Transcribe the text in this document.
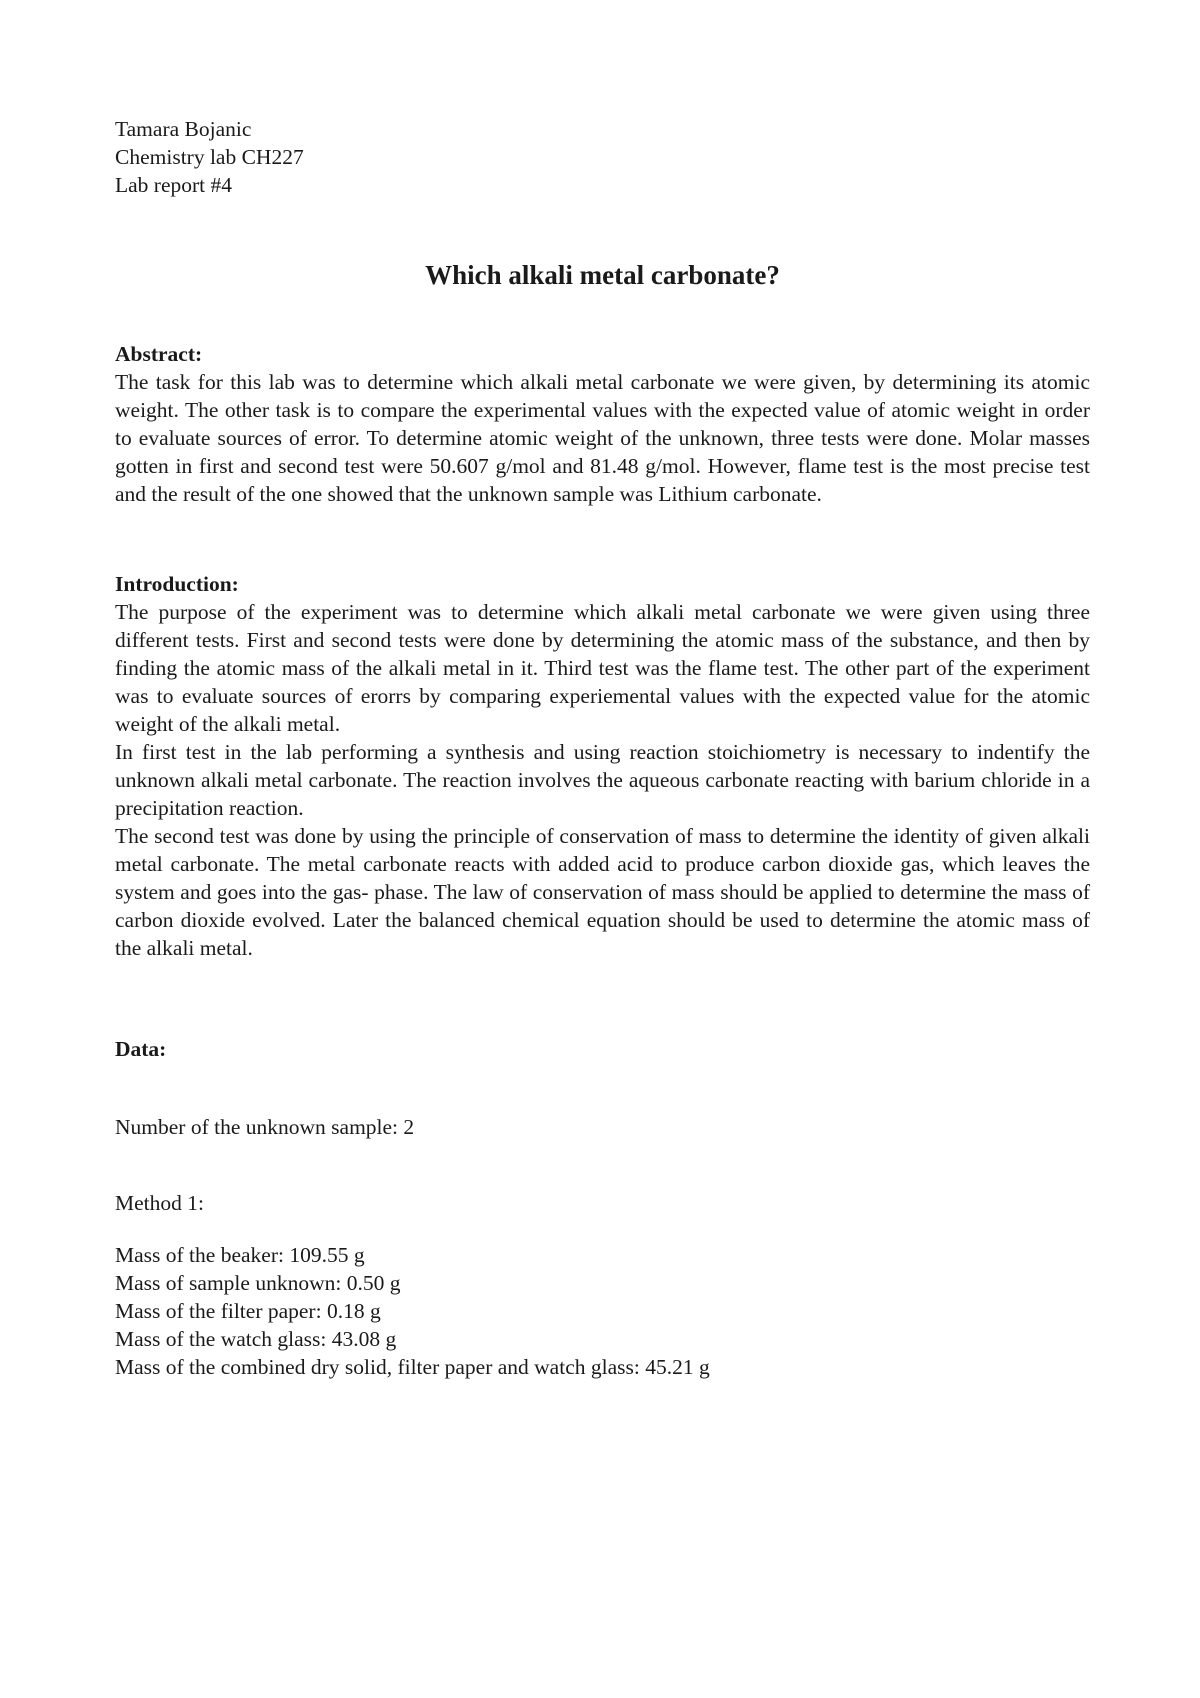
Tamara Bojanic

Chemistry lab CH227

Lab report #4

Which alkali metal carbonate?

Abstract:

The task for this lab was to determine which alkali metal carbonate we were given, by determining its atomic weight. The other task is to compare the experimental values with the expected value of atomic weight in order to evaluate sources of error. To determine atomic weight of the unknown, three tests were done. Molar masses gotten in first and second test were 50.607 g/mol and 81.48 g/mol. However, flame test is the most precise test and the result of the one showed that the unknown sample was Lithium carbonate.

Introduction:

The purpose of the experiment was to determine which alkali metal carbonate we were given using three different tests. First and second tests were done by determining the atomic mass of the substance, and then by finding the atomic mass of the alkali metal in it. Third test was the flame test. The other part of the experiment was to evaluate sources of erorrs by comparing experiemental values with the expected value for the atomic weight of the alkali metal.

In first test in the lab performing a synthesis and using reaction stoichiometry is necessary to indentify the unknown alkali metal carbonate. The reaction involves the aqueous carbonate reacting with barium chloride in a precipitation reaction.

The second test was done by using the principle of conservation of mass to determine the identity of given alkali metal carbonate. The metal carbonate reacts with added acid to produce carbon dioxide gas, which leaves the system and goes into the gas- phase. The law of conservation of mass should be applied to determine the mass of carbon dioxide evolved. Later the balanced chemical equation should be used to determine the atomic mass of the alkali metal.

Data:

Number of the unknown sample: 2

Method 1:

Mass of the beaker: 109.55 g

Mass of sample unknown: 0.50 g

Mass of the filter paper: 0.18 g

Mass of the watch glass: 43.08 g

Mass of the combined dry solid, filter paper and watch glass: 45.21 g
